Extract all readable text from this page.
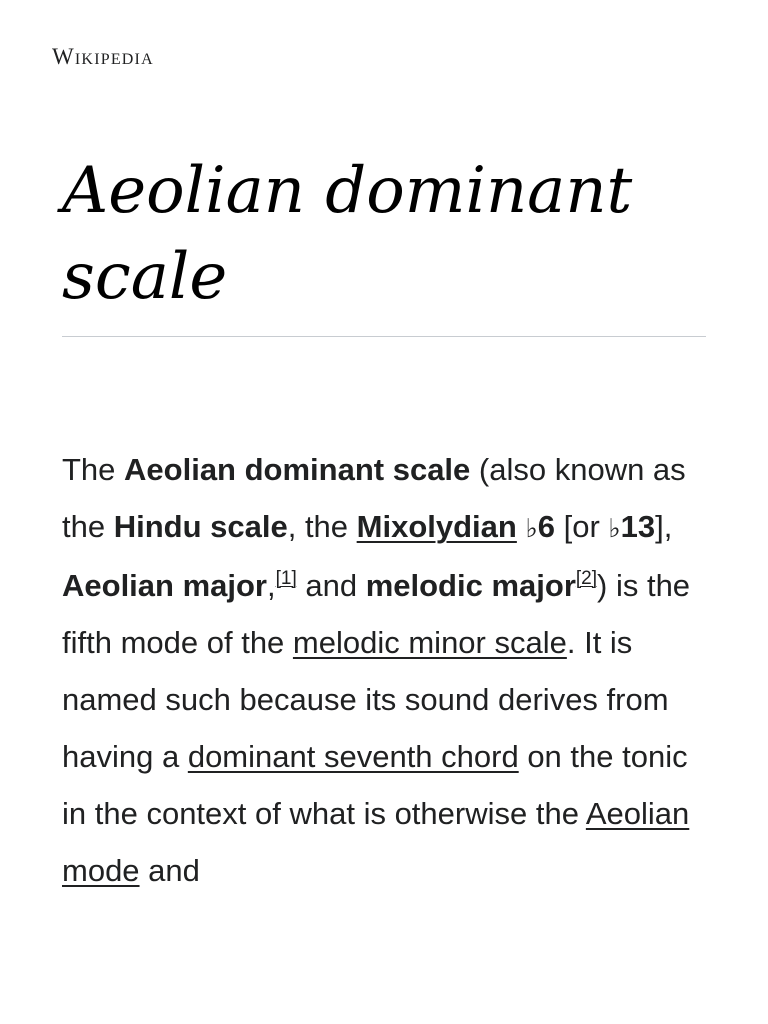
Wikipedia
Aeolian dominant scale

The Aeolian dominant scale (also known as the Hindu scale, the Mixolydian ♭6 [or ♭13], Aeolian major,[1] and melodic major[2]) is the fifth mode of the melodic minor scale. It is named such because its sound derives from having a dominant seventh chord on the tonic in the context of what is otherwise the Aeolian mode and
